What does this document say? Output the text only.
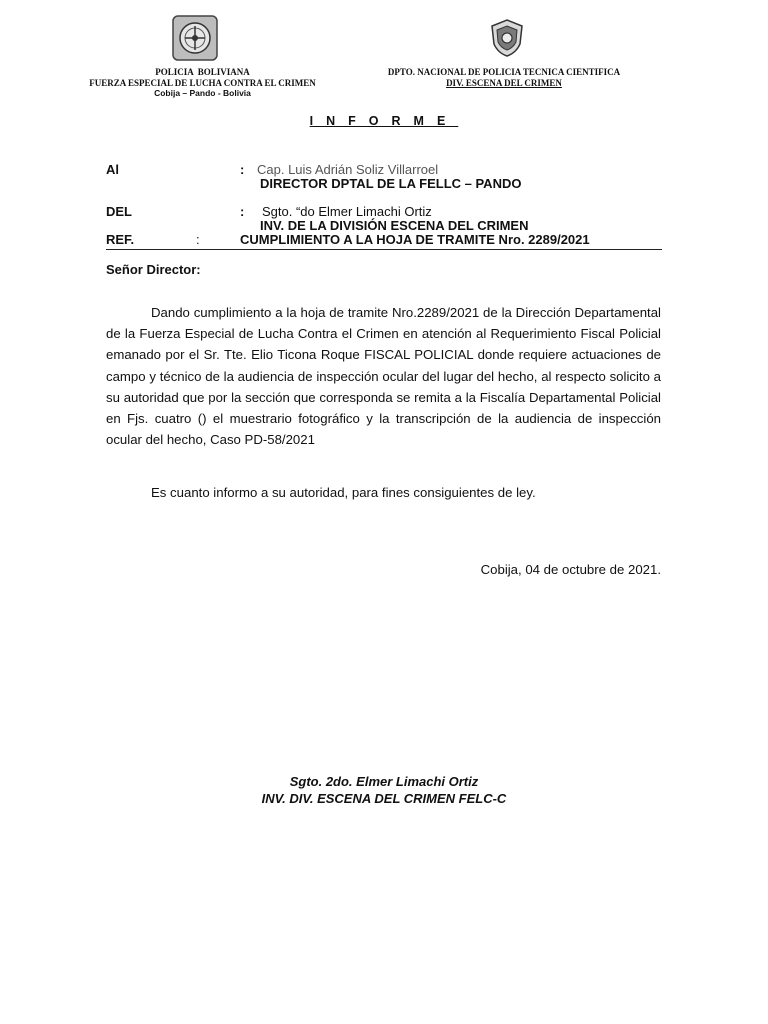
POLICIA  BOLIVIANA
FUERZA ESPECIAL DE LUCHA CONTRA EL CRIMEN
Cobija – Pando - Bolivia
DPTO. NACIONAL DE POLICIA TECNICA CIENTIFICA
DIV. ESCENA DEL CRIMEN
INFORME
Al	: Cap. Luis Adrián Soliz Villarroel
DIRECTOR DPTAL DE LA FELLC – PANDO
DEL	: Sgto. “do Elmer Limachi Ortiz
INV. DE LA DIVISIÓN ESCENA DEL CRIMEN
REF.	:	CUMPLIMIENTO A LA HOJA DE TRAMITE Nro. 2289/2021
Señor Director:
Dando cumplimiento a la hoja de tramite Nro.2289/2021 de la Dirección Departamental de la Fuerza Especial de Lucha Contra el Crimen en atención al Requerimiento Fiscal Policial emanado por el Sr. Tte. Elio Ticona Roque FISCAL POLICIAL donde requiere actuaciones de campo y técnico de la audiencia de inspección ocular del lugar del hecho, al respecto solicito a su autoridad que por la sección que corresponda se remita a la Fiscalía Departamental Policial en Fjs. cuatro () el muestrario fotográfico y la transcripción de la audiencia de inspección ocular del hecho, Caso PD-58/2021
Es cuanto informo a su autoridad, para fines consiguientes de ley.
Cobija, 04 de octubre de 2021.
Sgto. 2do. Elmer Limachi Ortiz
INV. DIV. ESCENA DEL CRIMEN FELC-C
